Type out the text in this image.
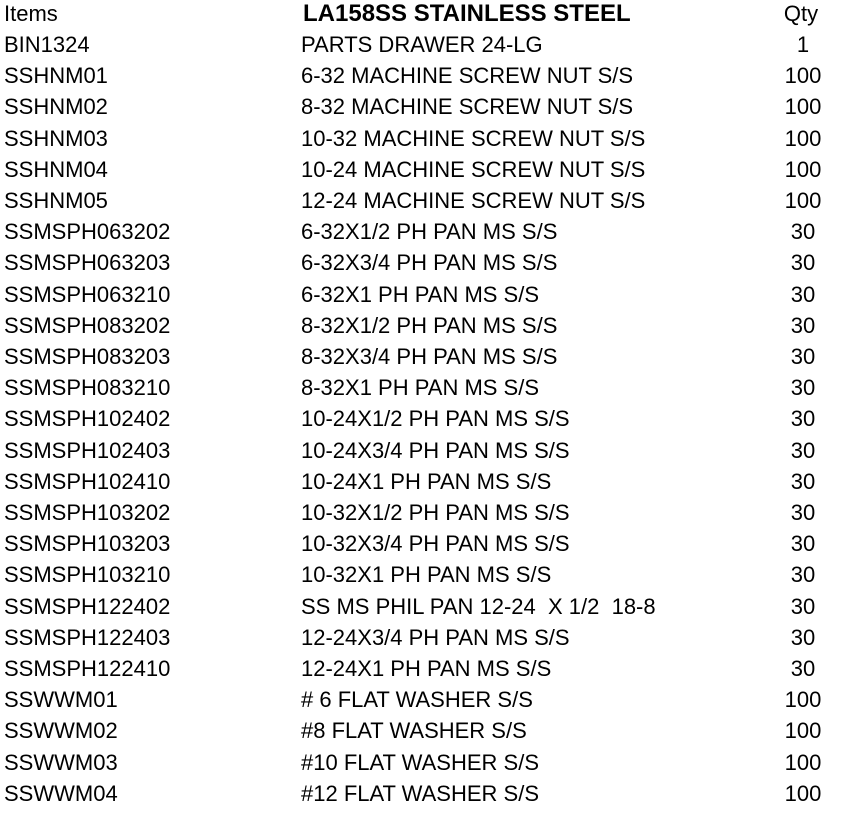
Items	LA158SS STAINLESS STEEL	Qty
BIN1324	PARTS DRAWER 24-LG	1
SSHNM01	6-32 MACHINE SCREW NUT S/S	100
SSHNM02	8-32 MACHINE SCREW NUT S/S	100
SSHNM03	10-32 MACHINE SCREW NUT S/S	100
SSHNM04	10-24 MACHINE SCREW NUT S/S	100
SSHNM05	12-24 MACHINE SCREW NUT S/S	100
SSMSPH063202	6-32X1/2 PH PAN MS S/S	30
SSMSPH063203	6-32X3/4 PH PAN MS S/S	30
SSMSPH063210	6-32X1 PH PAN MS S/S	30
SSMSPH083202	8-32X1/2 PH PAN MS S/S	30
SSMSPH083203	8-32X3/4 PH PAN MS S/S	30
SSMSPH083210	8-32X1 PH PAN MS S/S	30
SSMSPH102402	10-24X1/2 PH PAN MS S/S	30
SSMSPH102403	10-24X3/4 PH PAN MS S/S	30
SSMSPH102410	10-24X1 PH PAN MS S/S	30
SSMSPH103202	10-32X1/2 PH PAN MS S/S	30
SSMSPH103203	10-32X3/4 PH PAN MS S/S	30
SSMSPH103210	10-32X1 PH PAN MS S/S	30
SSMSPH122402	SS MS PHIL PAN 12-24  X 1/2  18-8	30
SSMSPH122403	12-24X3/4 PH PAN MS S/S	30
SSMSPH122410	12-24X1 PH PAN MS S/S	30
SSWWM01	# 6 FLAT WASHER S/S	100
SSWWM02	#8 FLAT WASHER S/S	100
SSWWM03	#10 FLAT WASHER S/S	100
SSWWM04	#12 FLAT WASHER S/S	100
